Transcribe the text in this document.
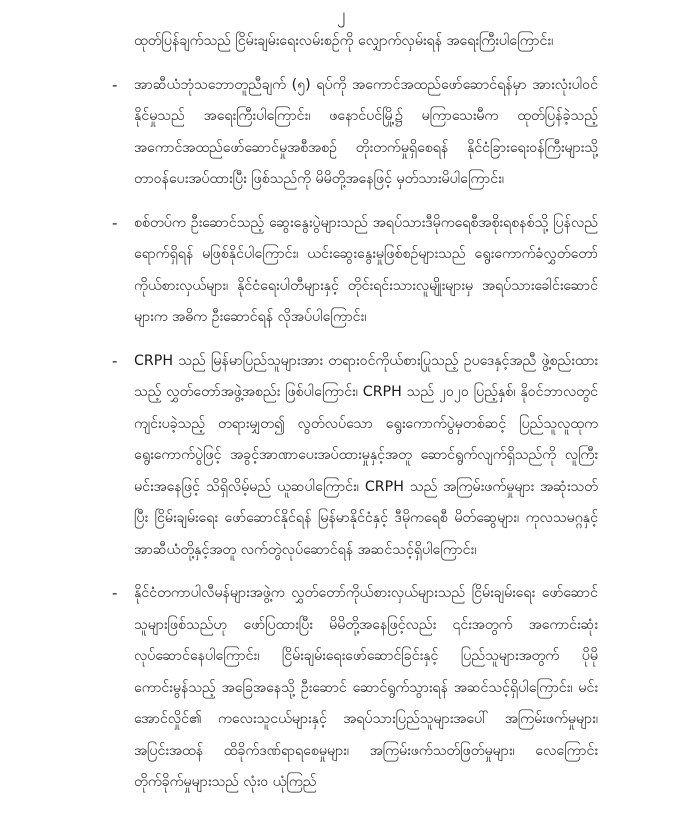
၂

ထုတ်ပြန်ချက်သည် ငြိမ်းချမ်းရေးလမ်းစဉ်ကို လျှောက်လှမ်းရန် အရေးကြီးပါကြောင်း၊

- အာဆီယံဘုံသဘောတူညီချက် (၅) ရပ်ကို အကောင်အထည်ဖော်ဆောင်ရန်မှာ အားလုံးပါဝင်နိုင်မှုသည် အရေးကြီးပါကြောင်း၊ ဖနောင်ပင်မြို့၌ မကြာသေးမီက ထုတ်ပြန်ခဲ့သည့် အကောင်အထည်ဖော်ဆောင်မှုအစီအစဉ် တိုးတက်မှုရှိစေရန် နိုင်ငံခြားရေးဝန်ကြီးများသို့ တာဝန်ပေးအပ်ထားပြီး ဖြစ်သည်ကို မိမိတို့အနေဖြင့် မှတ်သားမိပါကြောင်း၊

- စစ်တပ်က ဦးဆောင်သည့် ဆွေးနွေးပွဲများသည် အရပ်သားဒီမိုကရေစီအစိုးရစနစ်သို့ ပြန်လည်ရောက်ရှိရန် မဖြစ်နိုင်ပါကြောင်း၊ ယင်းဆွေးနွေးမှုဖြစ်စဉ်များသည် ရွေးကောက်ခံလွှတ်တော်ကိုယ်စားလှယ်များ၊ နိုင်ငံရေးပါတီများနှင့် တိုင်းရင်းသားလူမျိုးများမှ အရပ်သားခေါင်းဆောင်များက အဓိက ဦးဆောင်ရန် လိုအပ်ပါကြောင်း၊

- CRPH သည် မြန်မာပြည်သူများအား တရားဝင်ကိုယ်စားပြုသည့် ဥပဒေနှင့်အညီ ဖွဲ့စည်းထားသည့် လွှတ်တော်အဖွဲ့အစည်း ဖြစ်ပါကြောင်း၊ CRPH သည် ၂၀၂၀ ပြည့်နှစ်၊ နိုဝင်ဘာလတွင် ကျင်းပခဲ့သည့် တရားမျှတ၍ လွတ်လပ်သော ရွေးကောက်ပွဲမှတစ်ဆင့် ပြည်သူလူထုက ရွေးကောက်ပွဲဖြင့် အခွင့်အာဏာပေးအပ်ထားမှုနှင့်အတူ ဆောင်ရွက်လျက်ရှိသည်ကို လူကြီးမင်းအနေဖြင့် သိရှိလိမ့်မည် ယူဆပါကြောင်း၊ CRPH သည် အကြမ်းဖက်မှုများ အဆုံးသတ်ပြီး ငြိမ်းချမ်းရေး ဖော်ဆောင်နိုင်ရန် မြန်မာနိုင်ငံနှင့် ဒီမိုကရေစီ မိတ်ဆွေများ၊ ကုလသမဂ္ဂနှင့် အာဆီယံတို့နှင့်အတူ လက်တွဲလုပ်ဆောင်ရန် အဆင်သင့်ရှိပါကြောင်း၊

- နိုင်ငံတကာပါလီမန်များအဖွဲ့က လွှတ်တော်ကိုယ်စားလှယ်များသည် ငြိမ်းချမ်းရေး ဖော်ဆောင်သူများဖြစ်သည်ဟု ဖော်ပြထားပြီး မိမိတို့အနေဖြင့်လည်း ၎င်းအတွက် အကောင်းဆုံးလုပ်ဆောင်နေပါကြောင်း၊ ငြိမ်းချမ်းရေးဖော်ဆောင်ခြင်းနှင့် ပြည်သူများအတွက် ပိုမိုကောင်းမွန်သည့် အခြေအနေသို့ ဦးဆောင် ဆောင်ရွက်သွားရန် အဆင်သင့်ရှိပါကြောင်း၊ မင်းအောင်လှိုင်၏ ကလေးသူငယ်များနှင့် အရပ်သားပြည်သူများအပေါ် အကြမ်းဖက်မှုများ၊ အပြင်းအထန် ထိခိုက်ဒဏ်ရာရစေမှုများ၊ အကြမ်းဖက်သတ်ဖြတ်မှုများ၊ လေကြောင်းတိုက်ခိုက်မှုများသည် လုံးဝ ယုံကြည်
